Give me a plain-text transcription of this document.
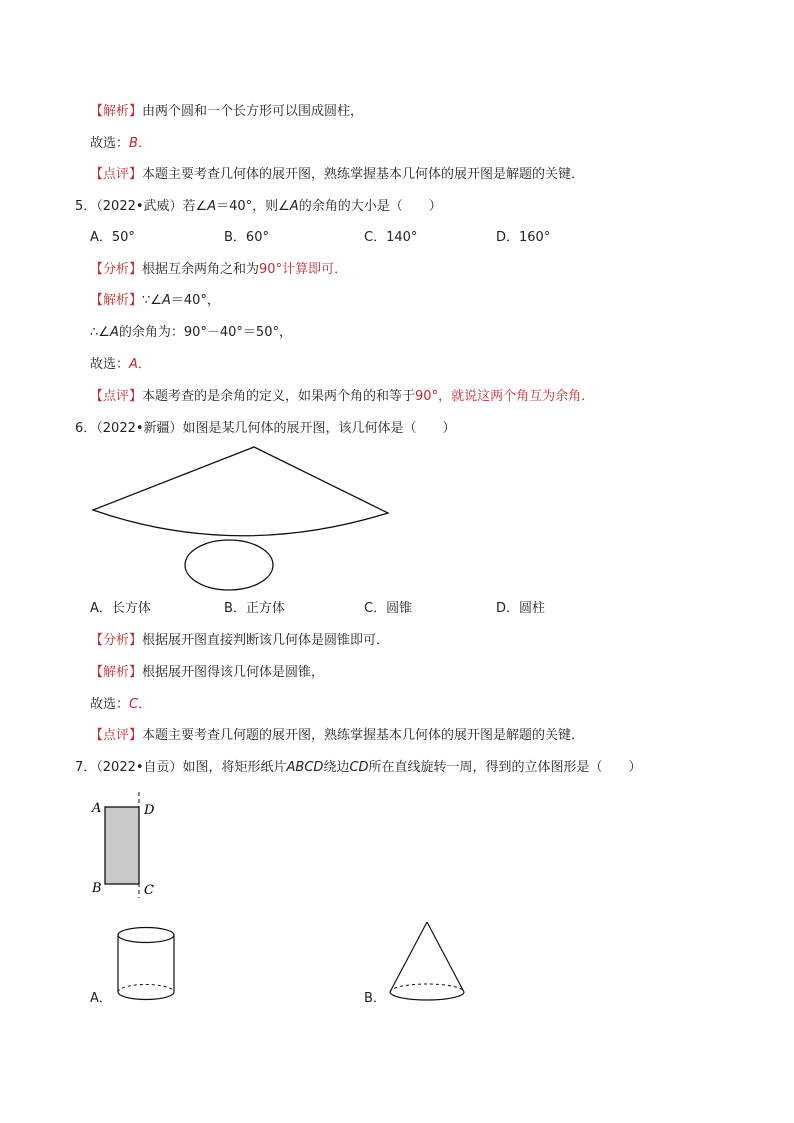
【解析】由两个圆和一个长方形可以围成圆柱，
故选：B．
【点评】本题主要考查几何体的展开图，熟练掌握基本几何体的展开图是解题的关键．
5．（2022•武威）若∠A＝40°，则∠A的余角的大小是（　　）
A．50°	B．60°	C．140°	D．160°
【分析】根据互余两角之和为90°计算即可．
【解析】∵∠A＝40°，
∴∠A的余角为：90°－40°＝50°，
故选：A．
【点评】本题考查的是余角的定义，如果两个角的和等于90°，就说这两个角互为余角．
6．（2022•新疆）如图是某几何体的展开图，该几何体是（　　）
A．长方体	B．正方体	C．圆锥	D．圆柱
【分析】根据展开图直接判断该几何体是圆锥即可．
【解析】根据展开图得该几何体是圆锥，
故选：C．
【点评】本题主要考查几何题的展开图，熟练掌握基本几何体的展开图是解题的关键．
7．（2022•自贡）如图，将矩形纸片ABCD绕边CD所在直线旋转一周，得到的立体图形是（　　）
A	D
B	C
A．	B．
